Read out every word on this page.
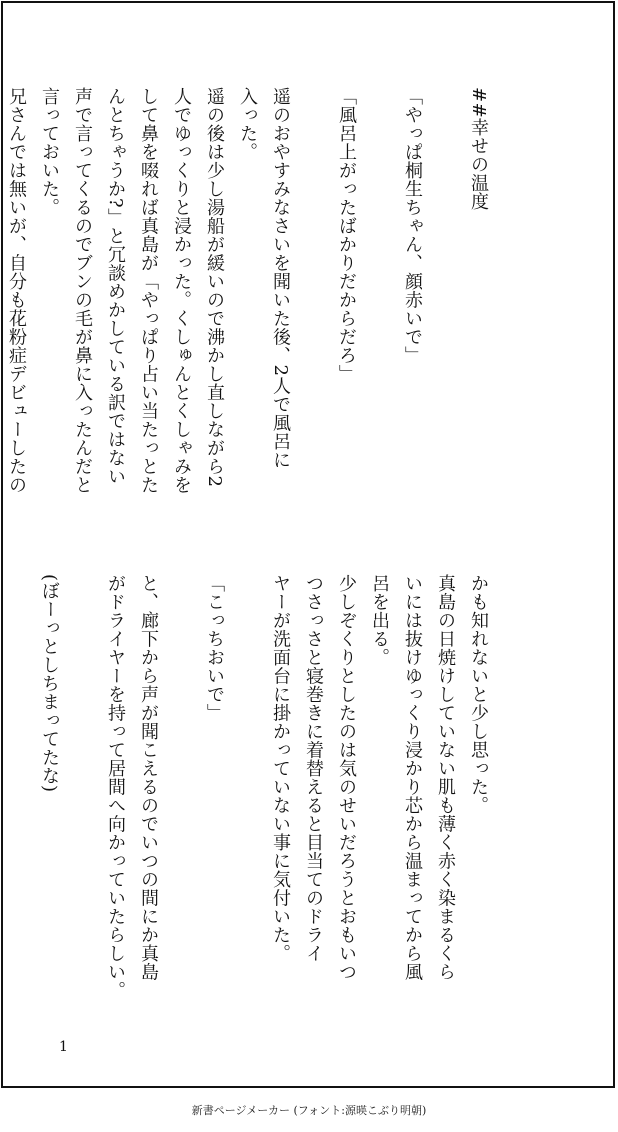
##幸せの温度

「やっぱ桐生ちゃん、顔赤いで」

「風呂上がったばかりだからだろ」

遥のおやすみなさいを聞いた後、2人で風呂に
入った。
遥の後は少し湯船が緩いので沸かし直しながら2
人でゆっくりと浸かった。くしゅんとくしゃみを
して鼻を啜れば真島が「やっぱり占い当たっとた
んとちゃうか?」と冗談めかしている訳ではない
声で言ってくるのでブンの毛が鼻に入ったんだと
言っておいた。
兄さんでは無いが、自分も花粉症デビューしたの

かも知れないと少し思った。
真島の日焼けしていない肌も薄く赤く染まるくら
いには抜けゆっくり浸かり芯から温まってから風
呂を出る。
少しぞくりとしたのは気のせいだろうとおもいつ
つさっさと寝巻きに着替えると目当てのドライ
ヤーが洗面台に掛かっていない事に気付いた。

「こっちおいで」

と、廊下から声が聞こえるのでいつの間にか真島
がドライヤーを持って居間へ向かっていたらしい。

(ぼーっとしちまってたな)

1
新書ページメーカー (フォント:源暎こぶり明朝)
